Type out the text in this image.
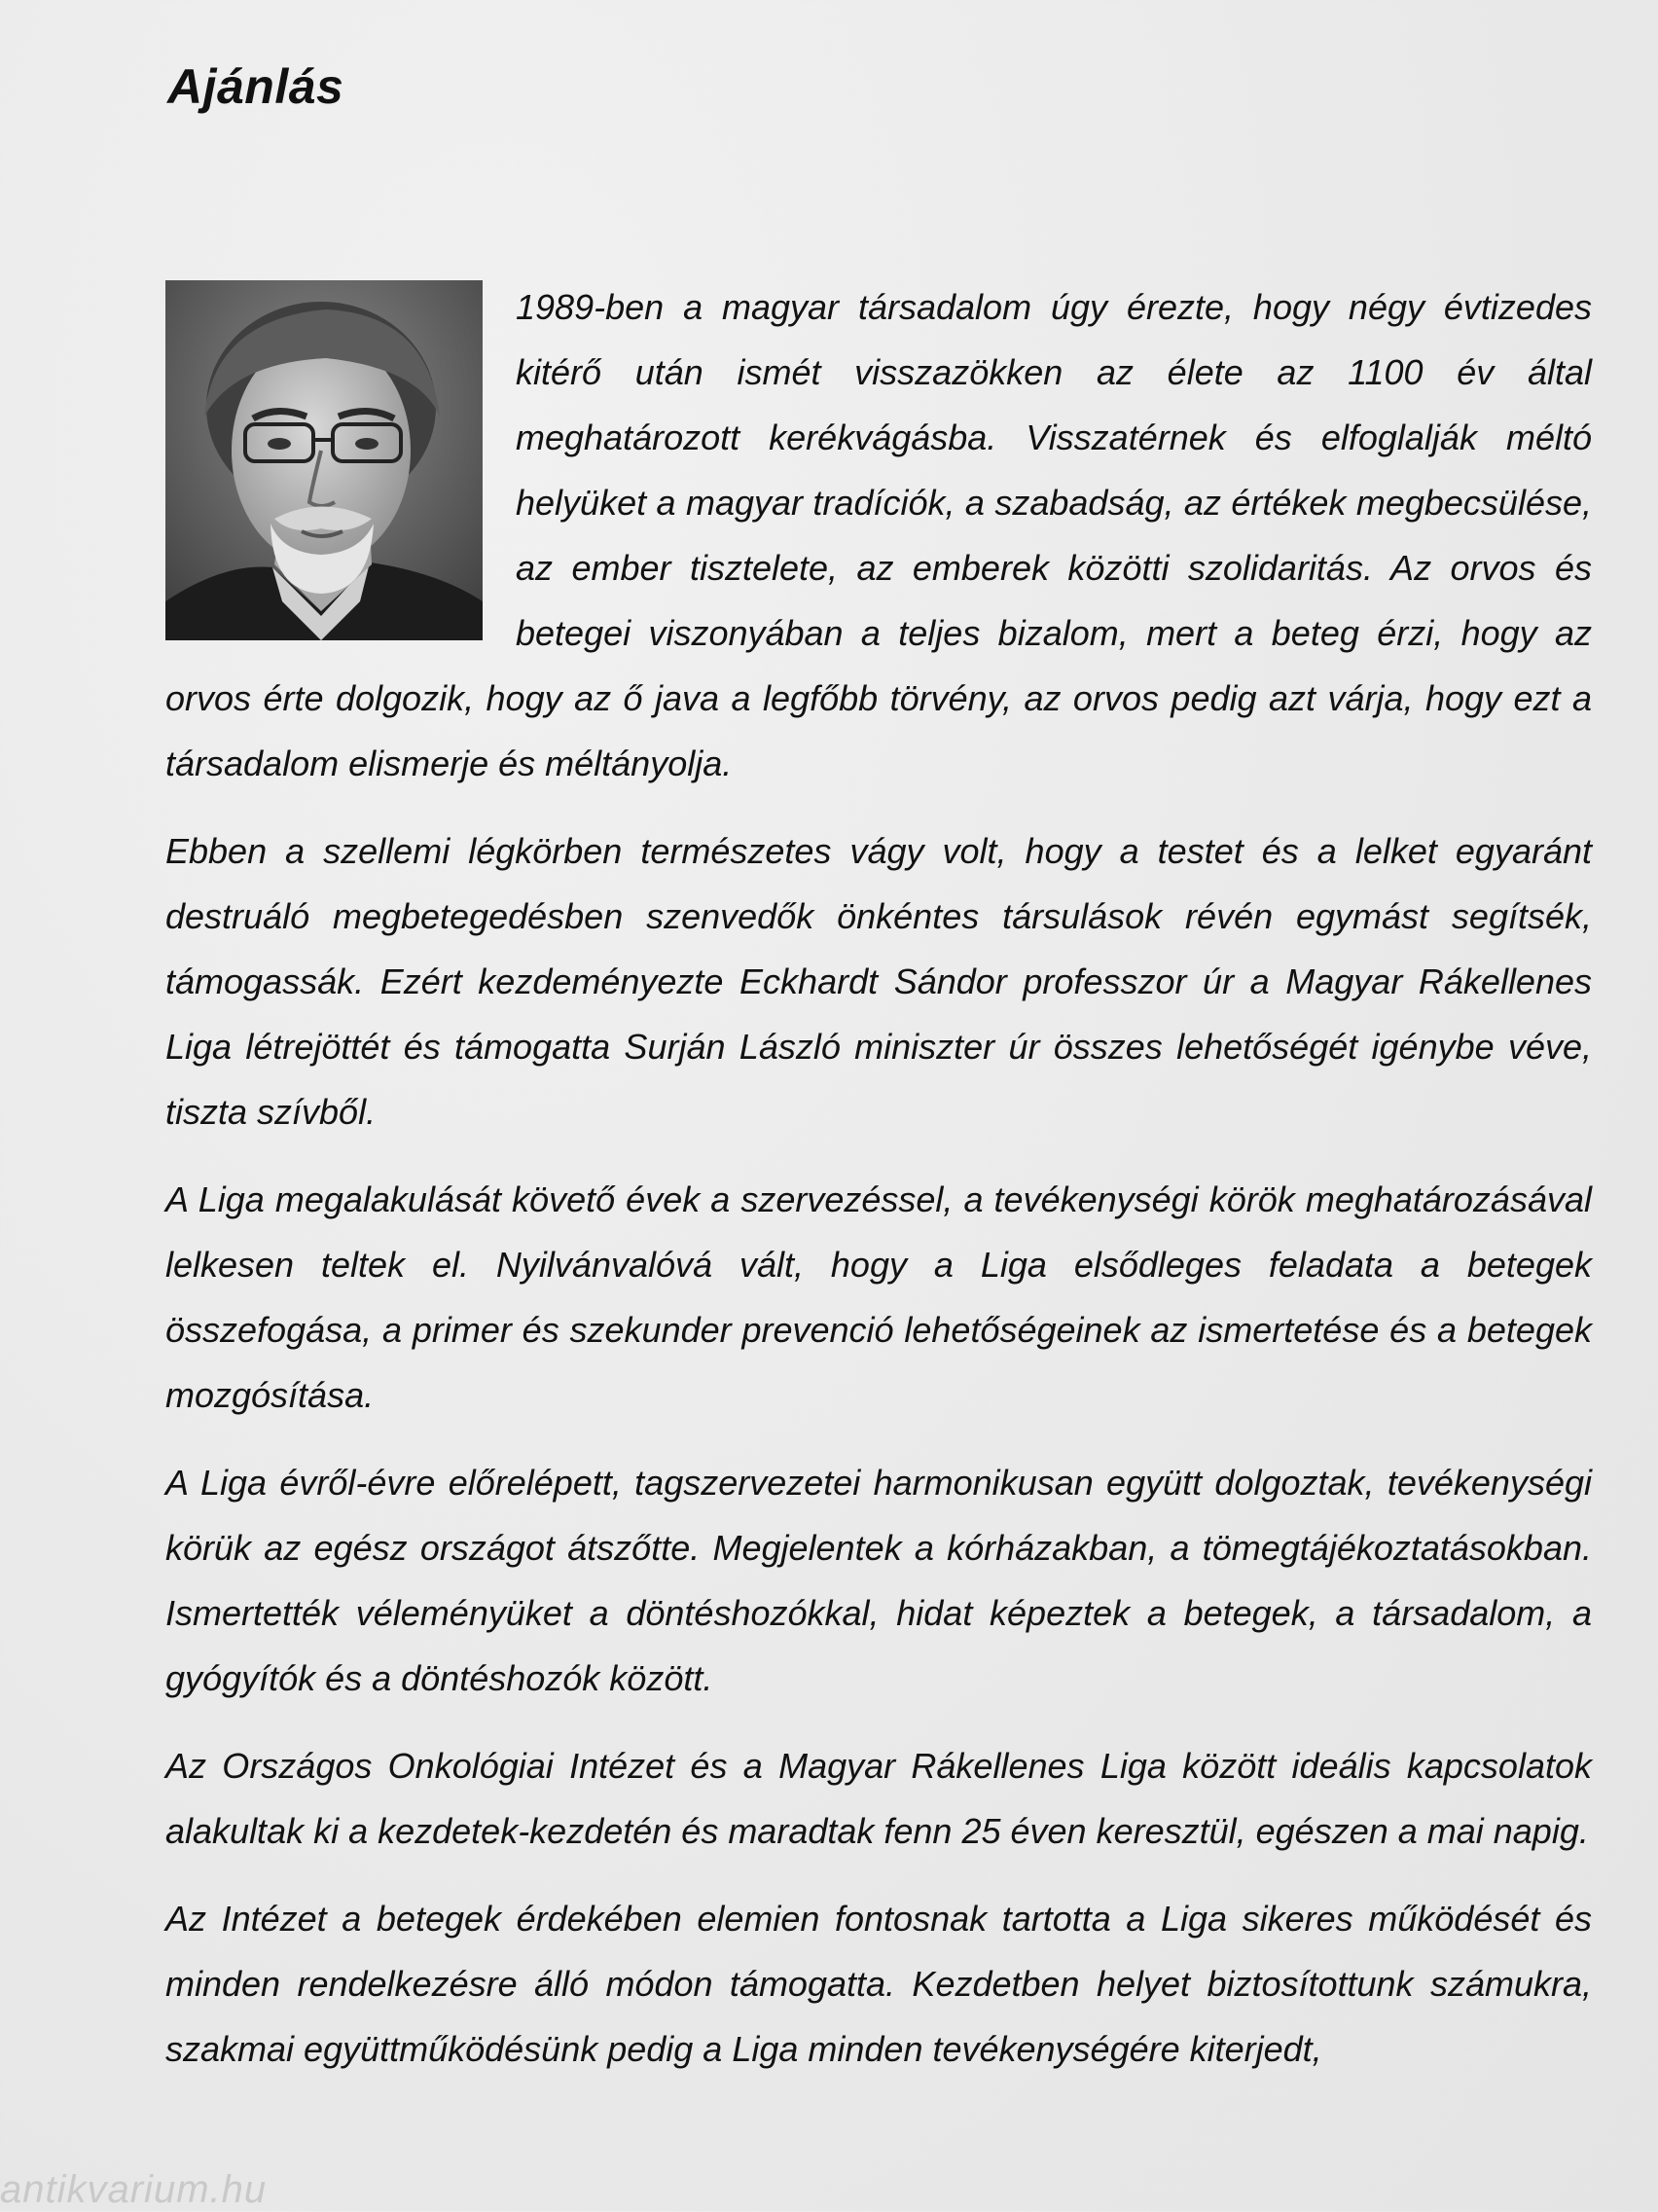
Ajánlás

1989-ben a magyar társadalom úgy érezte, hogy négy évtizedes kitérő után ismét visszazökken az élete az 1100 év által meghatározott kerékvágásba. Visszatérnek és elfoglalják méltó helyüket a magyar tradíciók, a szabadság, az értékek megbecsülése, az ember tisztelete, az emberek közötti szolidaritás. Az orvos és betegei viszonyában a teljes bizalom, mert a beteg érzi, hogy az orvos érte dolgozik, hogy az ő java a legfőbb törvény, az orvos pedig azt várja, hogy ezt a társadalom elismerje és méltányolja.

Ebben a szellemi légkörben természetes vágy volt, hogy a testet és a lelket egyaránt destruáló megbetegedésben szenvedők önkéntes társulások révén egymást segítsék, támogassák. Ezért kezdeményezte Eckhardt Sándor professzor úr a Magyar Rákellenes Liga létrejöttét és támogatta Surján László miniszter úr összes lehetőségét igénybe véve, tiszta szívből.

A Liga megalakulását követő évek a szervezéssel, a tevékenységi körök meghatározásával lelkesen teltek el. Nyilvánvalóvá vált, hogy a Liga elsődleges feladata a betegek összefogása, a primer és szekunder prevenció lehetőségeinek az ismertetése és a betegek mozgósítása.

A Liga évről-évre előrelépett, tagszervezetei harmonikusan együtt dolgoztak, tevékenységi körük az egész országot átszőtte. Megjelentek a kórházakban, a tömegtájékoztatásokban. Ismertették véleményüket a döntéshozókkal, hidat képeztek a betegek, a társadalom, a gyógyítók és a döntéshozók között.

Az Országos Onkológiai Intézet és a Magyar Rákellenes Liga között ideális kapcsolatok alakultak ki a kezdetek-kezdetén és maradtak fenn 25 éven keresztül, egészen a mai napig.

Az Intézet a betegek érdekében elemien fontosnak tartotta a Liga sikeres működését és minden rendelkezésre álló módon támogatta. Kezdetben helyet biztosítottunk számukra, szakmai együttműködésünk pedig a Liga minden tevékenységére kiterjedt,

antikvarium.hu
